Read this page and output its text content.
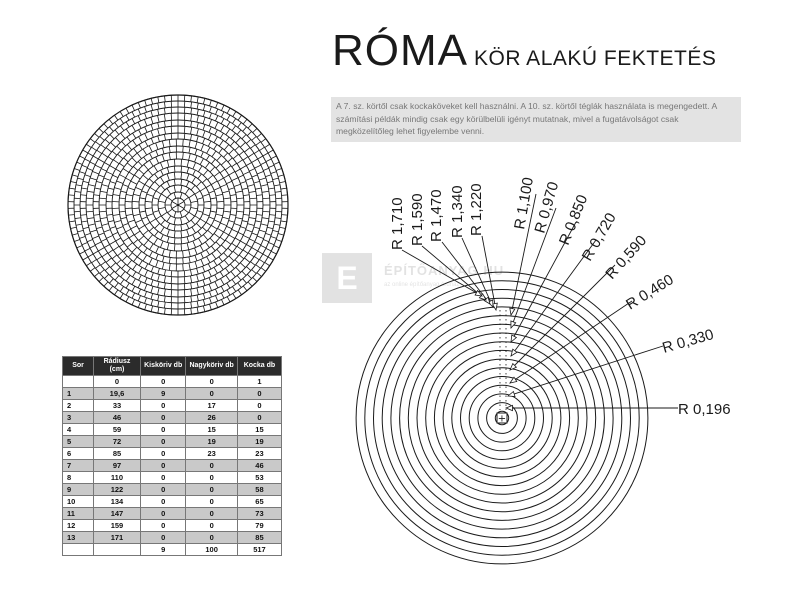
RÓMA KÖR ALAKÚ FEKTETÉS
A 7. sz. körtől csak kockaköveket kell használni. A 10. sz. körtől téglák használata is megengedett. A számítási példák mindig csak egy körülbelüli igényt mutatnak, mivel a fugatávolságot csak megközelítőleg lehet figyelembe venni.
E	ÉPÍTŐANYAG.HU
az online építőanyag áruház
+
R 0,196
R 0,330
R 0,460
R 0,590
R 0,720
R 0,850
R 0,970
R 1,100
R 1,220
R 1,340
R 1,470
R 1,590
R 1,710
Sor	Rádiusz (cm)	Kisköriv db	Nagyköriv db	Kocka db
	0	0	0	1
1	19,6	9	0	0
2	33	0	17	0
3	46	0	26	0
4	59	0	15	15
5	72	0	19	19
6	85	0	23	23
7	97	0	0	46
8	110	0	0	53
9	122	0	0	58
10	134	0	0	65
11	147	0	0	73
12	159	0	0	79
13	171	0	0	85
		9	100	517
